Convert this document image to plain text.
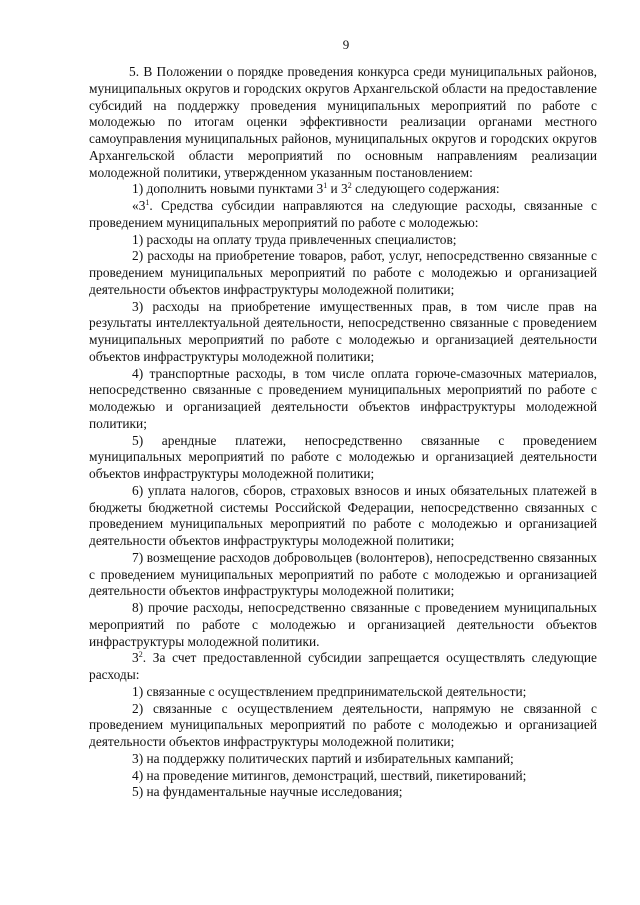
9

5. В Положении о порядке проведения конкурса среди муниципальных районов, муниципальных округов и городских округов Архангельской области на предоставление субсидий на поддержку проведения муниципальных мероприятий по работе с молодежью по итогам оценки эффективности реализации органами местного самоуправления муниципальных районов, муниципальных округов и городских округов Архангельской области мероприятий по основным направлениям реализации молодежной политики, утвержденном указанным постановлением:

1) дополнить новыми пунктами $3^1$ и $3^2$ следующего содержания:

«$3^1$. Средства субсидии направляются на следующие расходы, связанные с проведением муниципальных мероприятий по работе с молодежью:

1) расходы на оплату труда привлеченных специалистов;

2) расходы на приобретение товаров, работ, услуг, непосредственно связанные с проведением муниципальных мероприятий по работе с молодежью и организацией деятельности объектов инфраструктуры молодежной политики;

3) расходы на приобретение имущественных прав, в том числе прав на результаты интеллектуальной деятельности, непосредственно связанные с проведением муниципальных мероприятий по работе с молодежью и организацией деятельности объектов инфраструктуры молодежной политики;

4) транспортные расходы, в том числе оплата горюче-смазочных материалов, непосредственно связанные с проведением муниципальных мероприятий по работе с молодежью и организацией деятельности объектов инфраструктуры молодежной политики;

5) арендные платежи, непосредственно связанные с проведением муниципальных мероприятий по работе с молодежью и организацией деятельности объектов инфраструктуры молодежной политики;

6) уплата налогов, сборов, страховых взносов и иных обязательных платежей в бюджеты бюджетной системы Российской Федерации, непосредственно связанных с проведением муниципальных мероприятий по работе с молодежью и организацией деятельности объектов инфраструктуры молодежной политики;

7) возмещение расходов добровольцев (волонтеров), непосредственно связанных с проведением муниципальных мероприятий по работе с молодежью и организацией деятельности объектов инфраструктуры молодежной политики;

8) прочие расходы, непосредственно связанные с проведением муниципальных мероприятий по работе с молодежью и организацией деятельности объектов инфраструктуры молодежной политики.

$3^2$. За счет предоставленной субсидии запрещается осуществлять следующие расходы:

1) связанные с осуществлением предпринимательской деятельности;

2) связанные с осуществлением деятельности, напрямую не связанной с проведением муниципальных мероприятий по работе с молодежью и организацией деятельности объектов инфраструктуры молодежной политики;

3) на поддержку политических партий и избирательных кампаний;

4) на проведение митингов, демонстраций, шествий, пикетирований;

5) на фундаментальные научные исследования;
